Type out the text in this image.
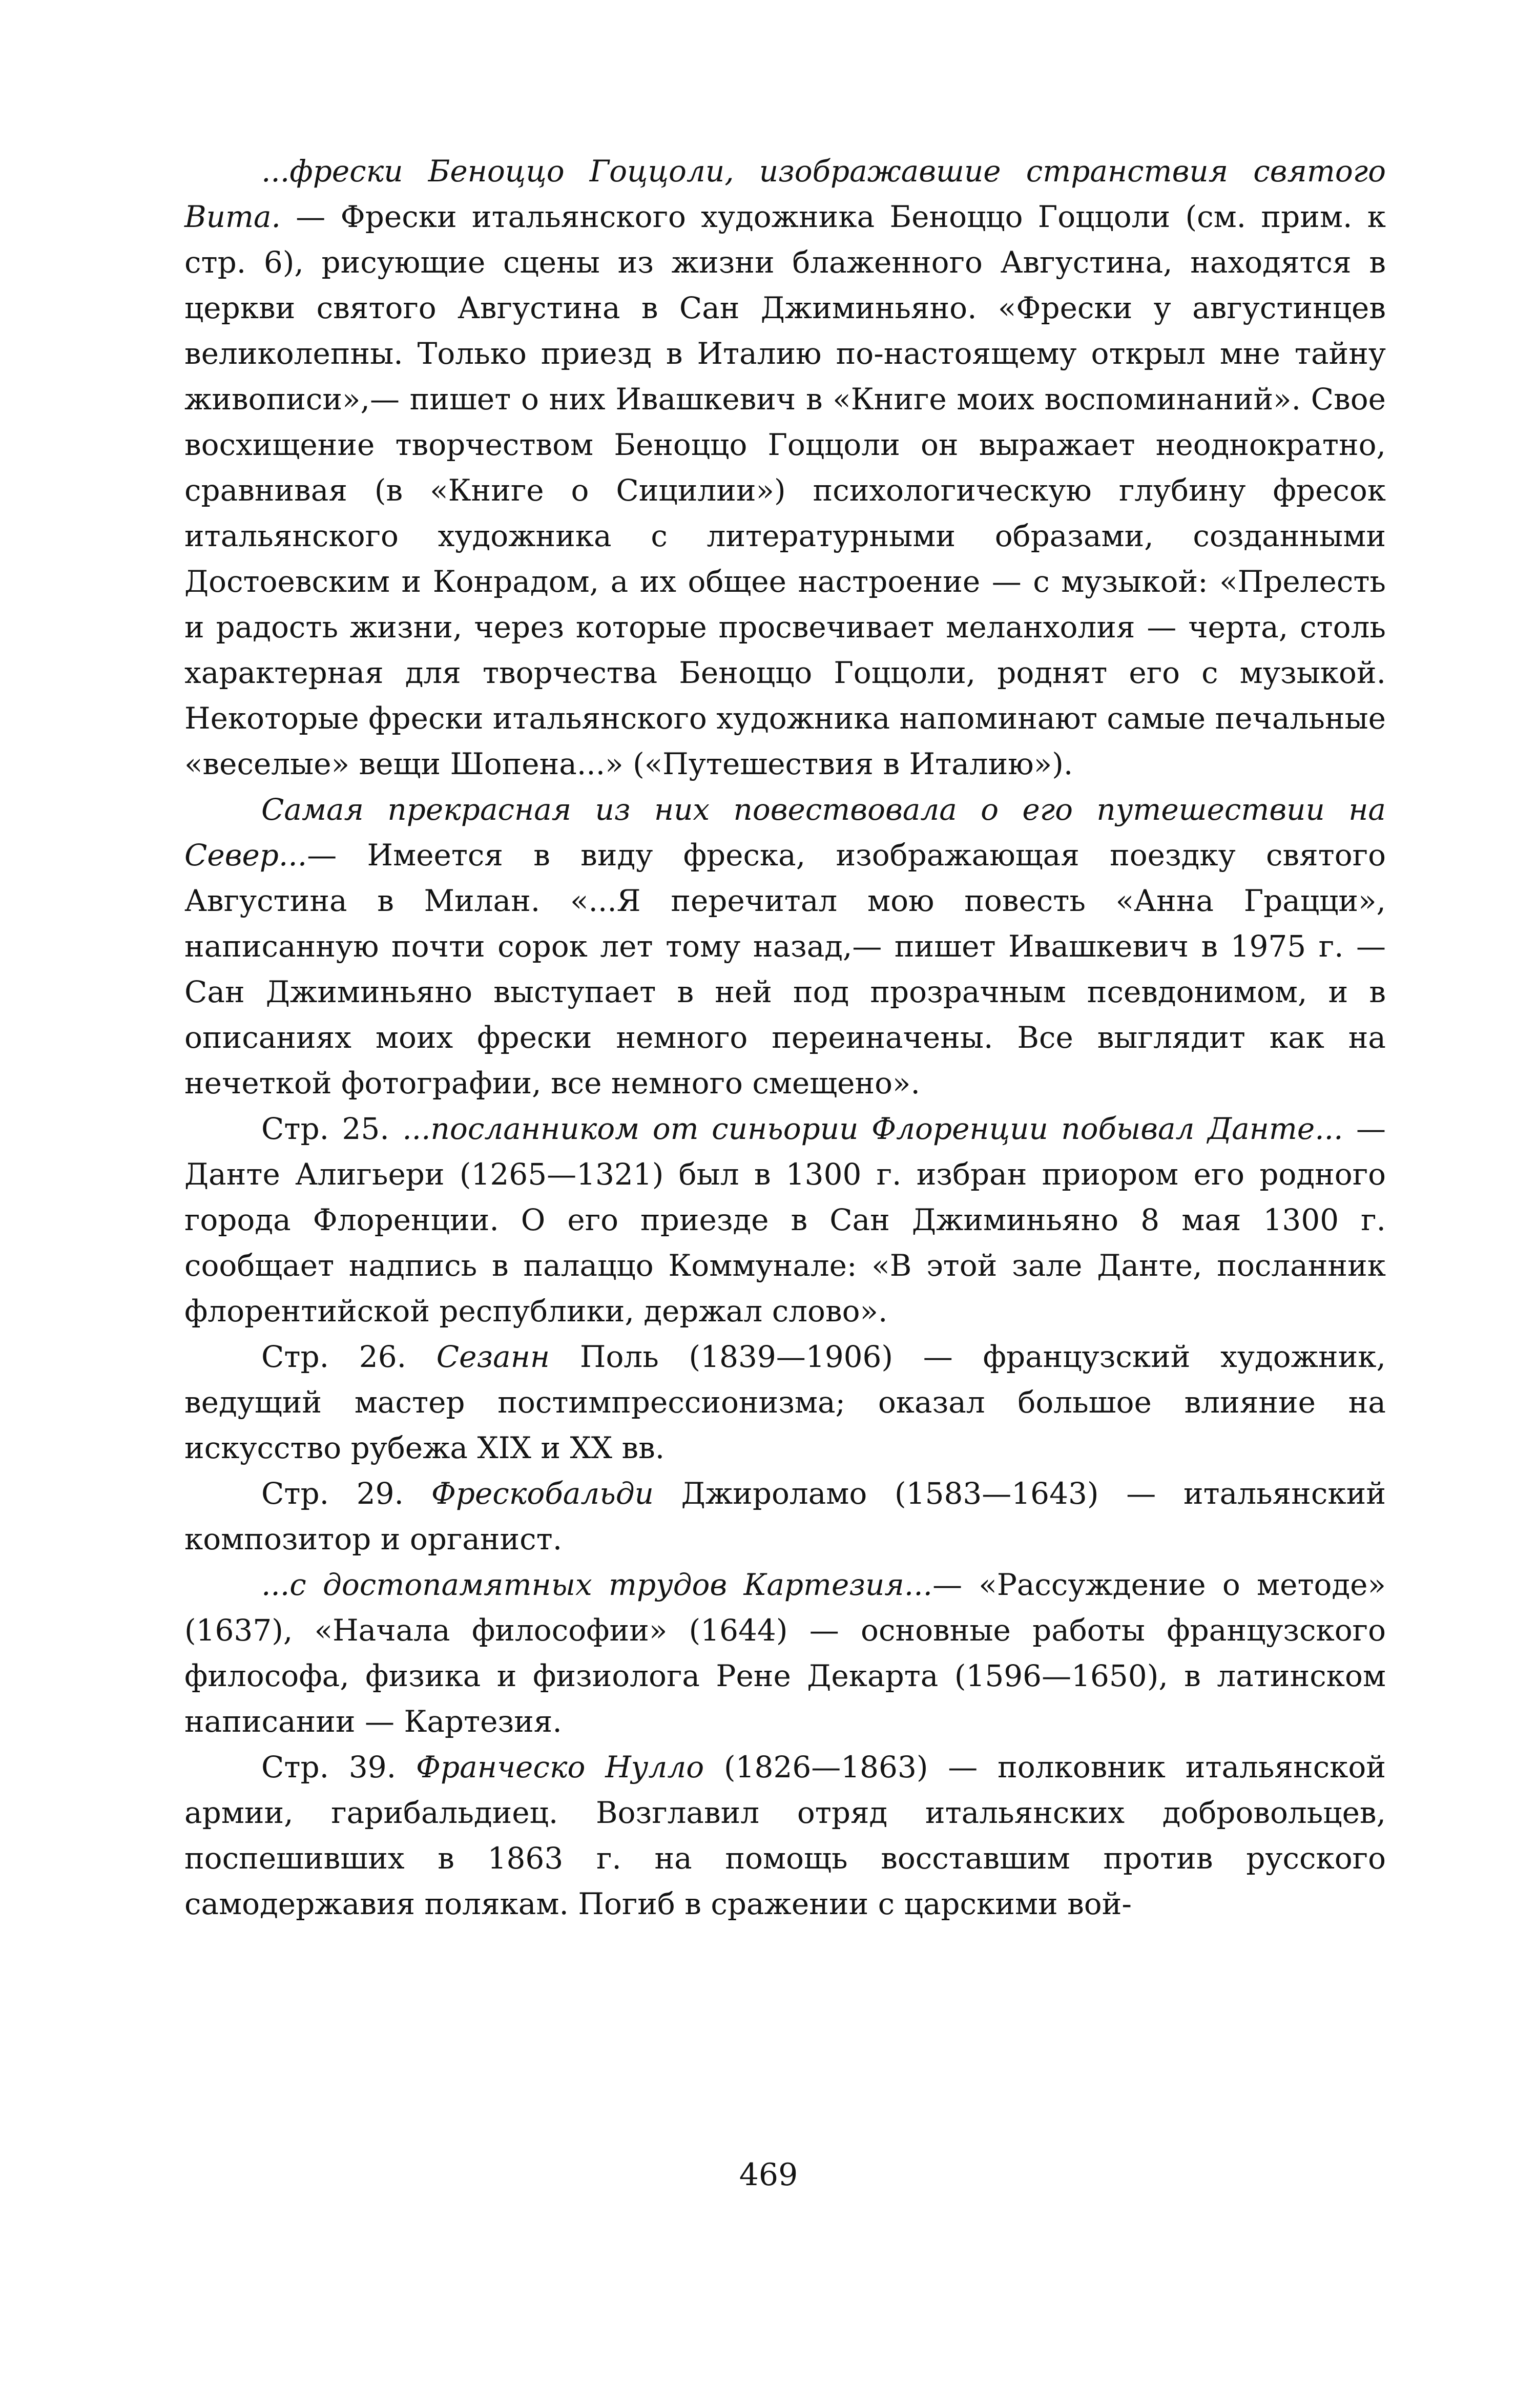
...фрески Беноццо Гоццоли, изображавшие странствия святого Вита. — Фрески итальянского художника Беноццо Гоццоли (см. прим. к стр. 6), рисующие сцены из жизни блаженного Августина, находятся в церкви святого Августина в Сан Джиминьяно. «Фрески у августинцев великолепны. Только приезд в Италию по-настоящему открыл мне тайну живописи»,— пишет о них Ивашкевич в «Книге моих воспоминаний». Свое восхищение творчеством Беноццо Гоццоли он выражает неоднократно, сравнивая (в «Книге о Сицилии») психологическую глубину фресок итальянского художника с литературными образами, созданными Достоевским и Конрадом, а их общее настроение — с музыкой: «Прелесть и радость жизни, через которые просвечивает меланхолия — черта, столь характерная для творчества Беноццо Гоццоли, роднят его с музыкой. Некоторые фрески итальянского художника напоминают самые печальные «веселые» вещи Шопена...» («Путешествия в Италию»).

Самая прекрасная из них повествовала о его путешествии на Север...— Имеется в виду фреска, изображающая поездку святого Августина в Милан. «...Я перечитал мою повесть «Анна Грацци», написанную почти сорок лет тому назад,— пишет Ивашкевич в 1975 г. — Сан Джиминьяно выступает в ней под прозрачным псевдонимом, и в описаниях моих фрески немного переиначены. Все выглядит как на нечеткой фотографии, все немного смещено».

Стр. 25. ...посланником от синьории Флоренции побывал Данте... — Данте Алигьери (1265—1321) был в 1300 г. избран приором его родного города Флоренции. О его приезде в Сан Джиминьяно 8 мая 1300 г. сообщает надпись в палаццо Коммунале: «В этой зале Данте, посланник флорентийской республики, держал слово».

Стр. 26. Сезанн Поль (1839—1906) — французский художник, ведущий мастер постимпрессионизма; оказал большое влияние на искусство рубежа XIX и XX вв.

Стр. 29. Фрескобальди Джироламо (1583—1643) — итальянский композитор и органист.

...с достопамятных трудов Картезия...— «Рассуждение о методе» (1637), «Начала философии» (1644) — основные работы французского философа, физика и физиолога Рене Декарта (1596—1650), в латинском написании — Картезия.

Стр. 39. Франческо Нулло (1826—1863) — полковник итальянской армии, гарибальдиец. Возглавил отряд итальянских добровольцев, поспешивших в 1863 г. на помощь восставшим против русского самодержавия полякам. Погиб в сражении с царскими вой-

469
